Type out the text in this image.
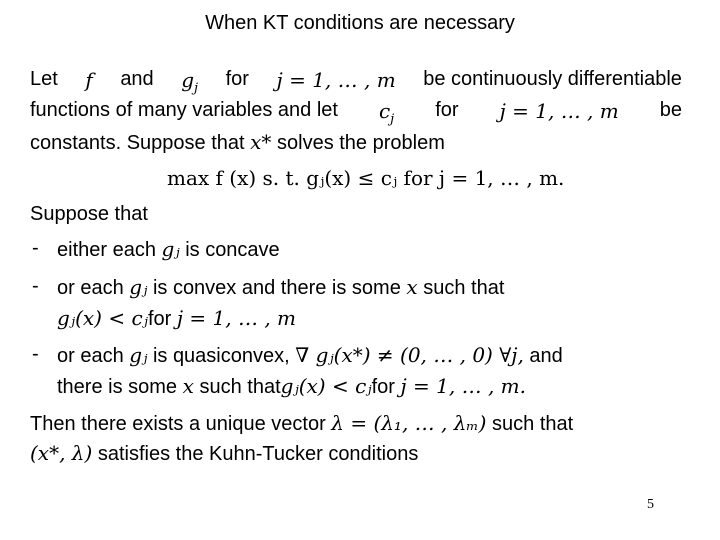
When KT conditions are necessary
Let f and $g_j$ for j = 1, … , m be continuously differentiable
functions of many variables and let $c_j$ for j = 1, … , m be
constants. Suppose that x* solves the problem
max f (x) s. t. gⱼ(x) ≤ cⱼ for j = 1, … , m.
Suppose that
- either each gⱼ is concave
- or each gⱼ is convex and there is some x such that
gⱼ(x) < cⱼfor j = 1, … , m
- or each gⱼ is quasiconvex, ∇ gⱼ(x*) ≠ (0, … , 0) ∀j, and
there is some x such thatgⱼ(x) < cⱼfor j = 1, … , m.
Then there exists a unique vector λ = (λ₁, … , λₘ) such that
(x*, λ) satisfies the Kuhn-Tucker conditions
5
